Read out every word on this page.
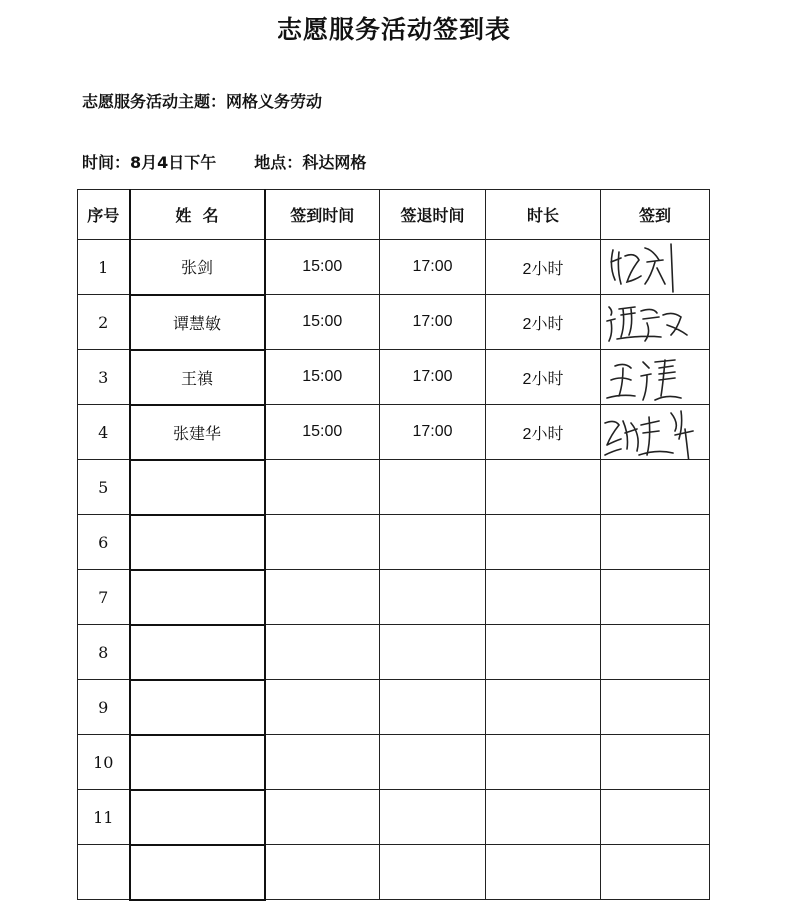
志愿服务活动签到表
志愿服务活动主题：网格义务劳动
时间：8月4日下午 地点：科达网格
序号	姓  名	签到时间	签退时间	时长	签到
1	张剑	15:00	17:00	2小时	

2	谭慧敏	15:00	17:00	2小时	

3	王禛	15:00	17:00	2小时	

4	张建华	15:00	17:00	2小时	

5					
6					
7					
8					
9					
10					
11					
